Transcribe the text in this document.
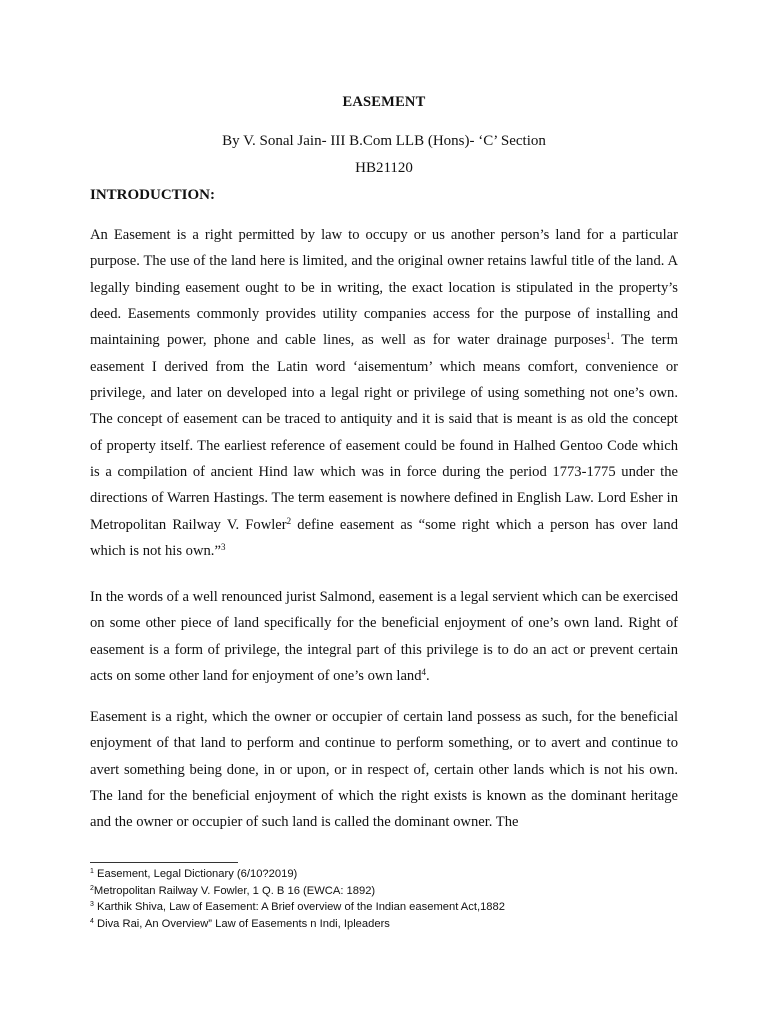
EASEMENT
By V. Sonal Jain- III B.Com LLB (Hons)- ‘C’ Section
HB21120
INTRODUCTION:

An Easement is a right permitted by law to occupy or us another person’s land for a particular purpose. The use of the land here is limited, and the original owner retains lawful title of the land. A legally binding easement ought to be in writing, the exact location is stipulated in the property’s deed. Easements commonly provides utility companies access for the purpose of installing and maintaining power, phone and cable lines, as well as for water drainage purposes$^1$. The term easement I derived from the Latin word ‘aisementum’ which means comfort, convenience or privilege, and later on developed into a legal right or privilege of using something not one’s own. The concept of easement can be traced to antiquity and it is said that is meant is as old the concept of property itself. The earliest reference of easement could be found in Halhed Gentoo Code which is a compilation of ancient Hind law which was in force during the period 1773-1775 under the directions of Warren Hastings. The term easement is nowhere defined in English Law. Lord Esher in Metropolitan Railway V. Fowler$^2$ define easement as “some right which a person has over land which is not his own.”$^3$

In the words of a well renounced jurist Salmond, easement is a legal servient which can be exercised on some other piece of land specifically for the beneficial enjoyment of one’s own land. Right of easement is a form of privilege, the integral part of this privilege is to do an act or prevent certain acts on some other land for enjoyment of one’s own land$^4$.

Easement is a right, which the owner or occupier of certain land possess as such, for the beneficial enjoyment of that land to perform and continue to perform something, or to avert and continue to avert something being done, in or upon, or in respect of, certain other lands which is not his own. The land for the beneficial enjoyment of which the right exists is known as the dominant heritage and the owner or occupier of such land is called the dominant owner. The

$^1$ Easement, Legal Dictionary (6/10?2019)
$^2$Metropolitan Railway V. Fowler, 1 Q. B 16 (EWCA: 1892)
$^3$ Karthik Shiva, Law of Easement: A Brief overview of the Indian easement Act,1882
$^4$ Diva Rai, An Overview” Law of Easements n Indi, Ipleaders
